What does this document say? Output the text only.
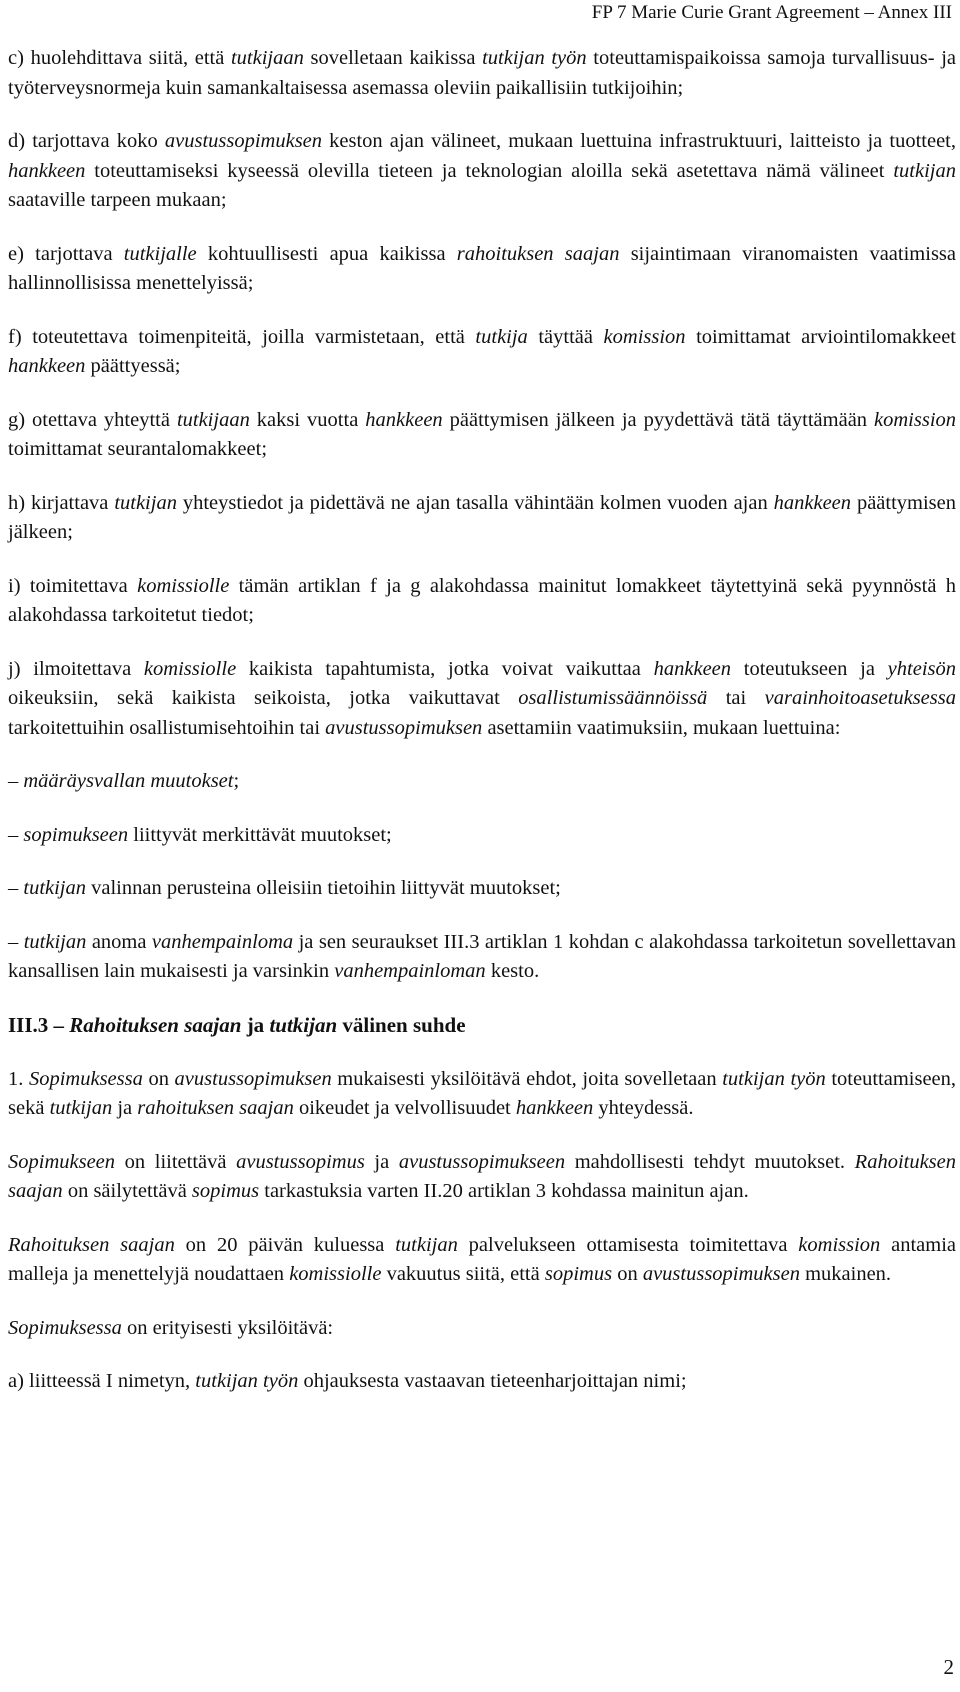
FP 7 Marie Curie Grant Agreement – Annex III

c) huolehdittava siitä, että tutkijaan sovelletaan kaikissa tutkijan työn toteuttamispaikoissa samoja turvallisuus- ja työterveysnormeja kuin samankaltaisessa asemassa oleviin paikallisiin tutkijoihin;

d) tarjottava koko avustussopimuksen keston ajan välineet, mukaan luettuina infrastruktuuri, laitteisto ja tuotteet, hankkeen toteuttamiseksi kyseessä olevilla tieteen ja teknologian aloilla sekä asetettava nämä välineet tutkijan saataville tarpeen mukaan;

e) tarjottava tutkijalle kohtuullisesti apua kaikissa rahoituksen saajan sijaintimaan viranomaisten vaatimissa hallinnollisissa menettelyissä;

f) toteutettava toimenpiteitä, joilla varmistetaan, että tutkija täyttää komission toimittamat arviointilomakkeet hankkeen päättyessä;

g) otettava yhteyttä tutkijaan kaksi vuotta hankkeen päättymisen jälkeen ja pyydettävä tätä täyttämään komission toimittamat seurantalomakkeet;

h) kirjattava tutkijan yhteystiedot ja pidettävä ne ajan tasalla vähintään kolmen vuoden ajan hankkeen päättymisen jälkeen;

i) toimitettava komissiolle tämän artiklan f ja g alakohdassa mainitut lomakkeet täytettyinä sekä pyynnöstä h alakohdassa tarkoitetut tiedot;

j) ilmoitettava komissiolle kaikista tapahtumista, jotka voivat vaikuttaa hankkeen toteutukseen ja yhteisön oikeuksiin, sekä kaikista seikoista, jotka vaikuttavat osallistumissäännöissä tai varainhoitoasetuksessa tarkoitettuihin osallistumisehtoihin tai avustussopimuksen asettamiin vaatimuksiin, mukaan luettuina:

– määräysvallan muutokset;

– sopimukseen liittyvät merkittävät muutokset;

– tutkijan valinnan perusteina olleisiin tietoihin liittyvät muutokset;

– tutkijan anoma vanhempainloma ja sen seuraukset III.3 artiklan 1 kohdan c alakohdassa tarkoitetun sovellettavan kansallisen lain mukaisesti ja varsinkin vanhempainloman kesto.

III.3 – Rahoituksen saajan ja tutkijan välinen suhde

1. Sopimuksessa on avustussopimuksen mukaisesti yksilöitävä ehdot, joita sovelletaan tutkijan työn toteuttamiseen, sekä tutkijan ja rahoituksen saajan oikeudet ja velvollisuudet hankkeen yhteydessä.

Sopimukseen on liitettävä avustussopimus ja avustussopimukseen mahdollisesti tehdyt muutokset. Rahoituksen saajan on säilytettävä sopimus tarkastuksia varten II.20 artiklan 3 kohdassa mainitun ajan.

Rahoituksen saajan on 20 päivän kuluessa tutkijan palvelukseen ottamisesta toimitettava komission antamia malleja ja menettelyjä noudattaen komissiolle vakuutus siitä, että sopimus on avustussopimuksen mukainen.

Sopimuksessa on erityisesti yksilöitävä:

a) liitteessä I nimetyn, tutkijan työn ohjauksesta vastaavan tieteenharjoittajan nimi;

2
